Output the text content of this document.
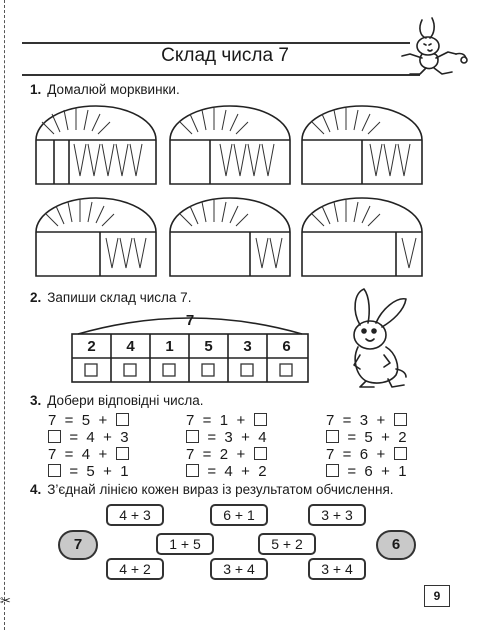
✂
Склад числа 7
1. Домалюй морквинки.
2. Запиши склад числа 7.
7
2	4	1	5	3	6
3. Добери відповідні числа.
7  =  5  +
=  4  +  3
7  =  4  +
=  5  +  1
7  =  1  +
=  3  +  4
7  =  2  +
=  4  +  2
7  =  3  +
=  5  +  2
7  =  6  +
=  6  +  1
4. З’єднай лінією кожен вираз із результатом обчислення.
4 + 3	6 + 1	3 + 3
7	1 + 5	5 + 2	6
4 + 2	3 + 4	3 + 4
9
